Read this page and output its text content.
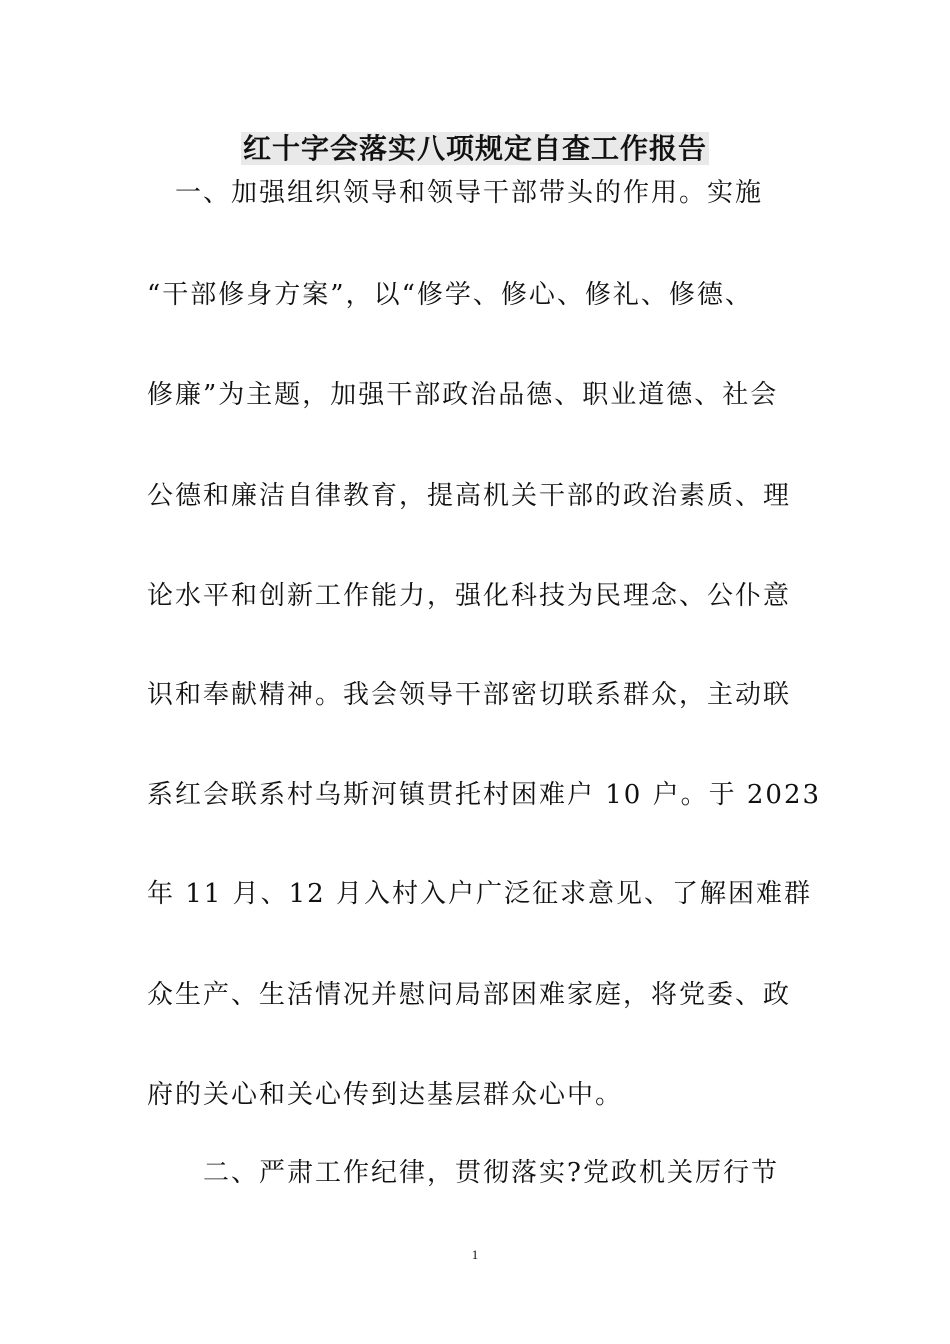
红十字会落实八项规定自查工作报告
一、加强组织领导和领导干部带头的作用。实施
“干部修身方案”，以“修学、修心、修礼、修德、
修廉”为主题，加强干部政治品德、职业道德、社会
公德和廉洁自律教育，提高机关干部的政治素质、理
论水平和创新工作能力，强化科技为民理念、公仆意
识和奉献精神。我会领导干部密切联系群众，主动联
系红会联系村乌斯河镇贯托村困难户 10 户。于 2023
年 11 月、12 月入村入户广泛征求意见、了解困难群
众生产、生活情况并慰问局部困难家庭，将党委、政
府的关心和关心传到达基层群众心中。
二、严肃工作纪律，贯彻落实?党政机关厉行节
1
